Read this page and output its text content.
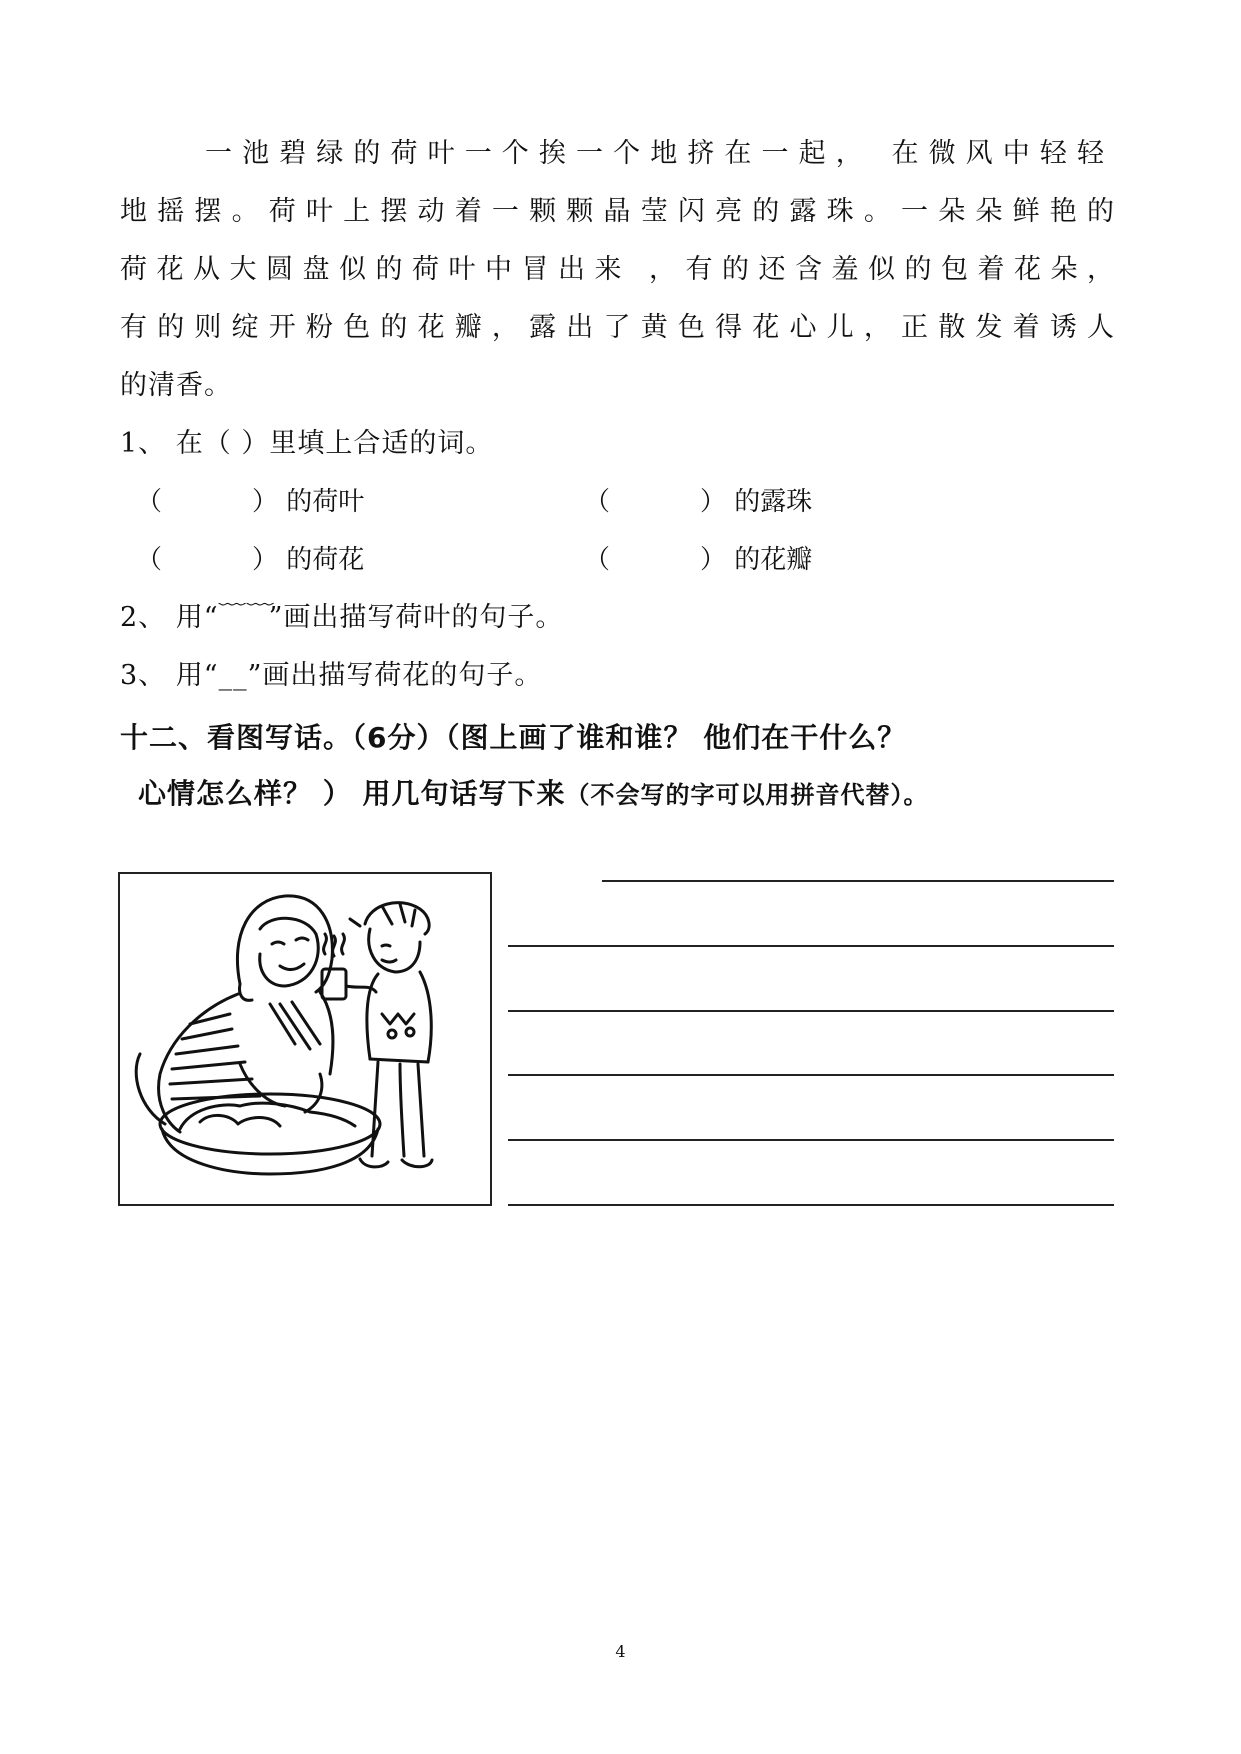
一池碧绿的荷叶一个挨一个地挤在一起， 在微风中轻轻
地摇摆。荷叶上摆动着一颗颗晶莹闪亮的露珠。一朵朵鲜艳的
荷花从大圆盘似的荷叶中冒出来 ，有的还含羞似的包着花朵，
有的则绽开粉色的花瓣，露出了黄色得花心儿，正散发着诱人
的清香。
1、 在（ ）里填上合适的词。
（	） 的荷叶	（	） 的露珠
（	） 的荷花	（	） 的花瓣
2、 用“﹋﹋”画出描写荷叶的句子。
3、 用“__”画出描写荷花的句子。
十二、看图写话。（6分）（图上画了谁和谁？ 他们在干什么？
心情怎么样？ ） 用几句话写下来（不会写的字可以用拼音代替）。
4
